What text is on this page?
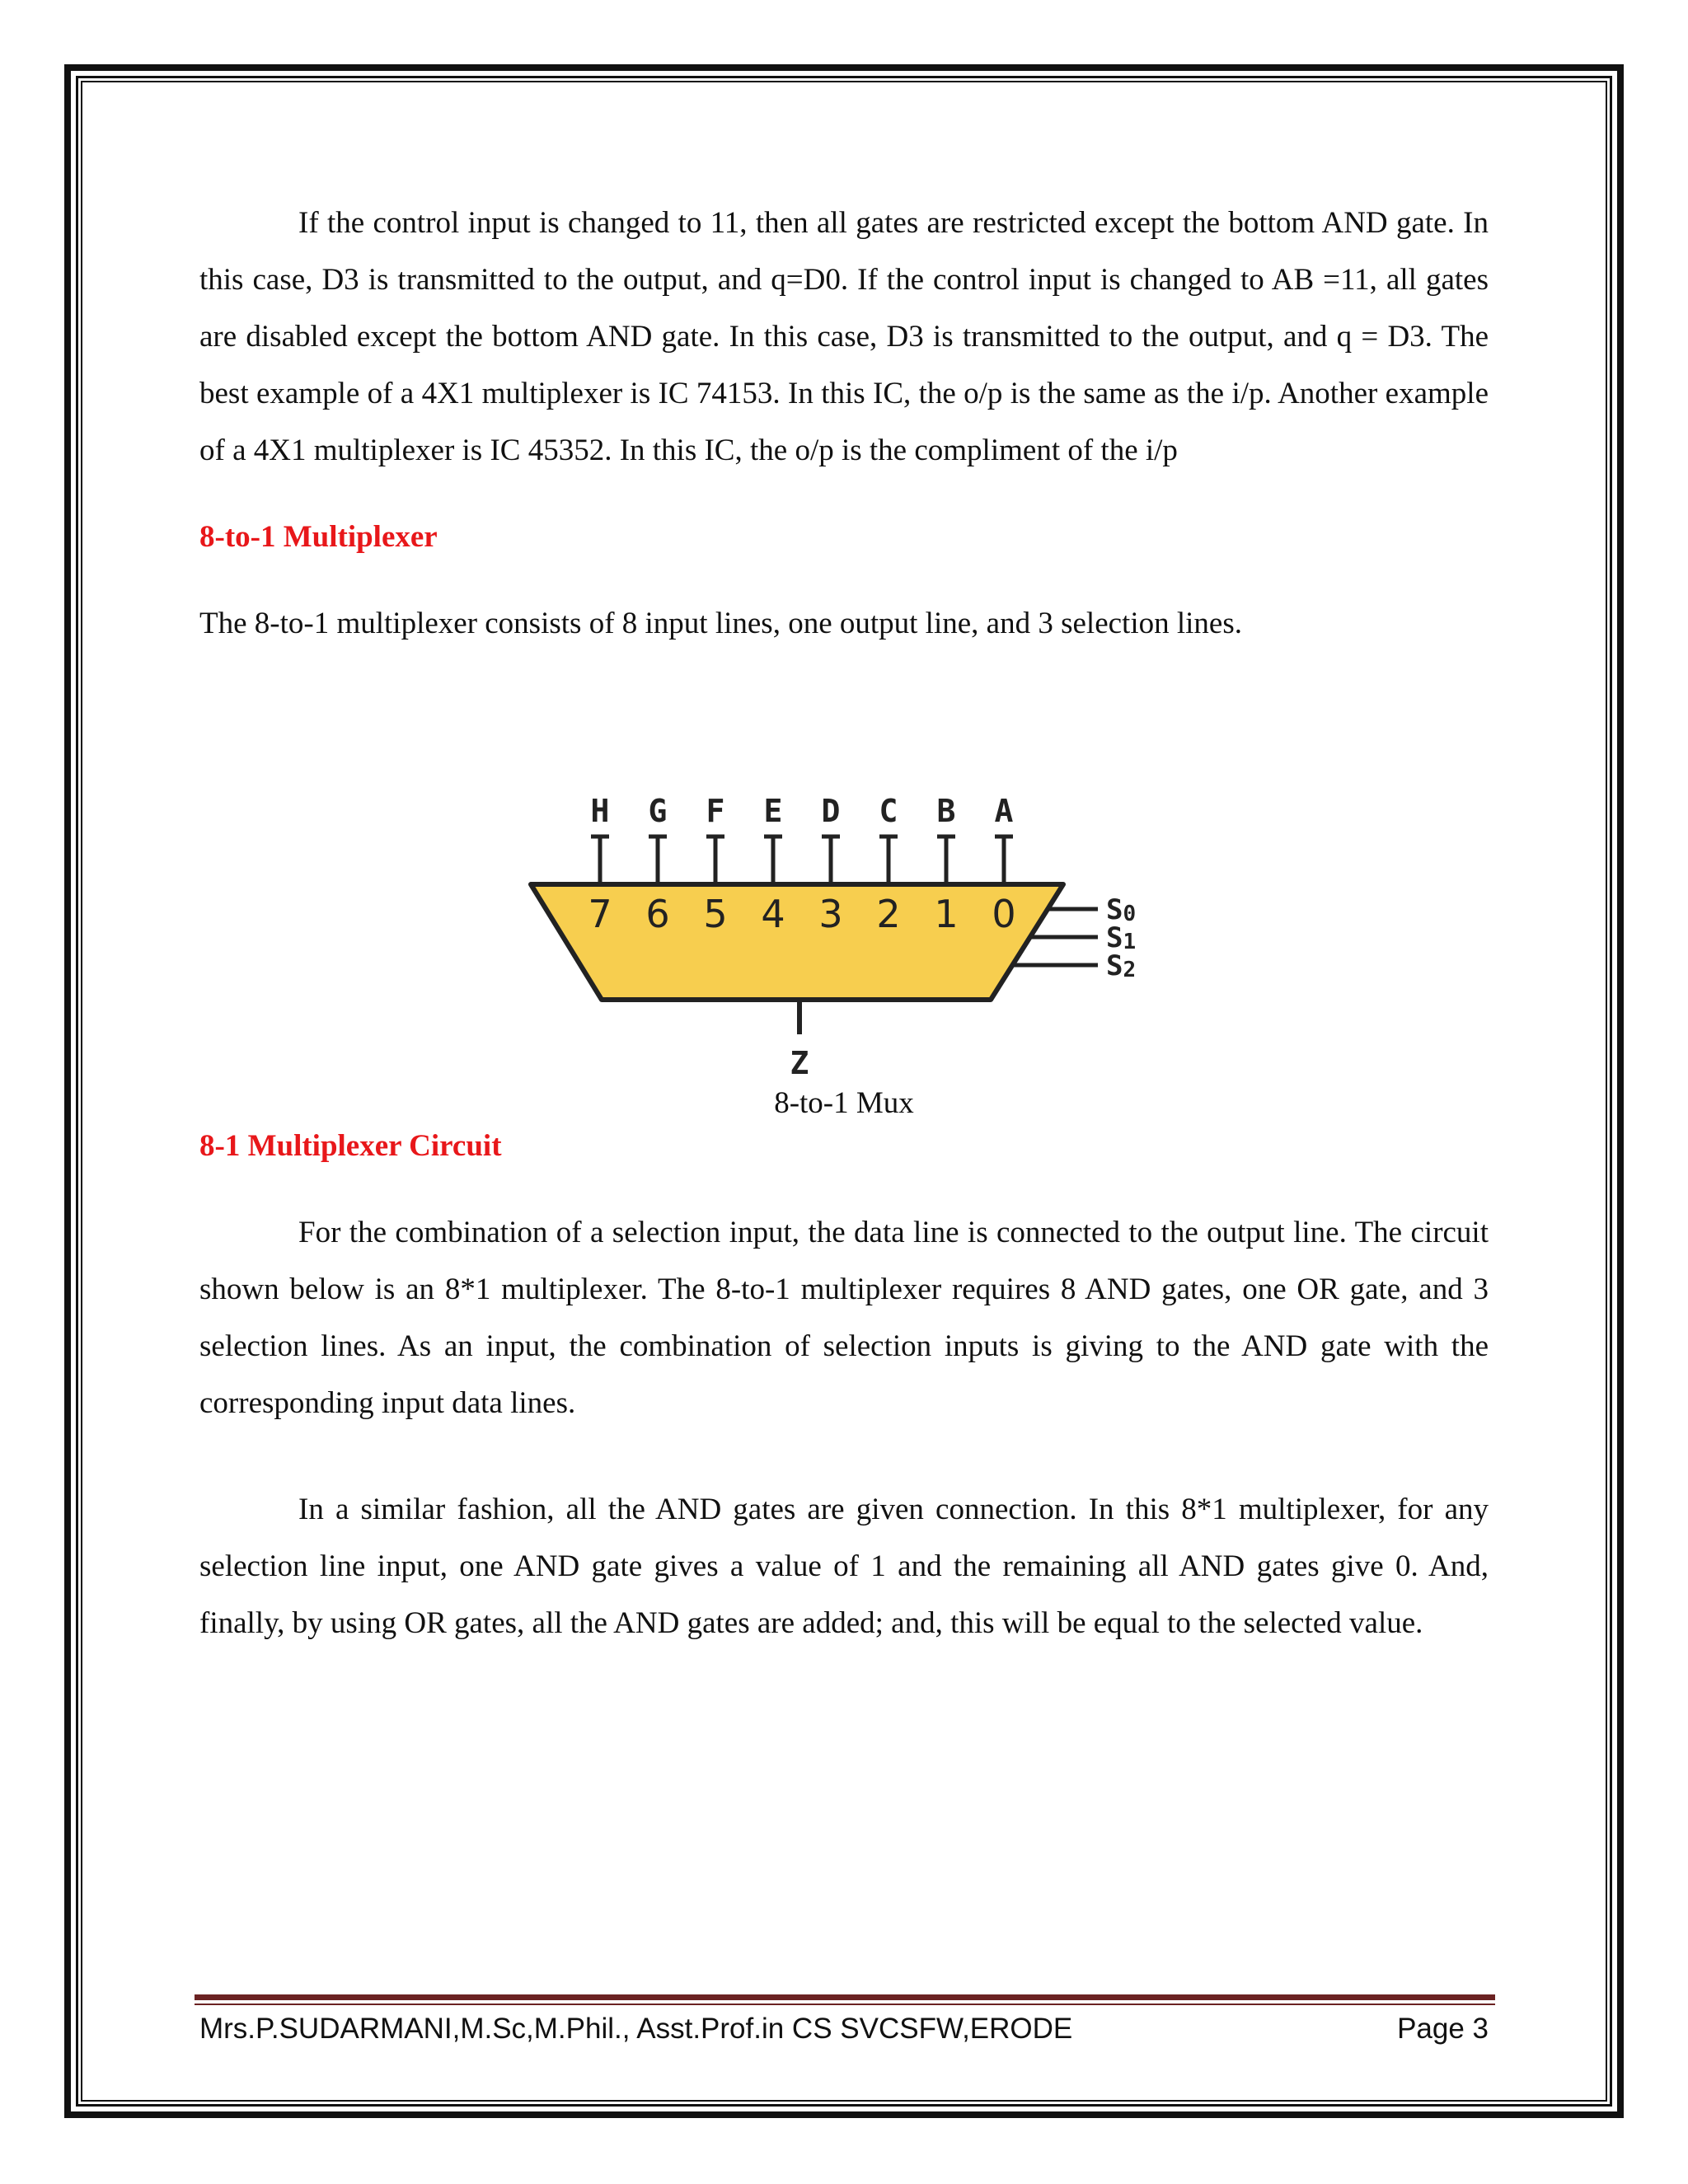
If the control input is changed to 11, then all gates are restricted except the bottom AND gate. In this case, D3 is transmitted to the output, and q=D0. If the control input is changed to AB =11, all gates are disabled except the bottom AND gate. In this case, D3 is transmitted to the output, and q = D3. The best example of a 4X1 multiplexer is IC 74153. In this IC, the o/p is the same as the i/p. Another example of a 4X1 multiplexer is IC 45352. In this IC, the o/p is the compliment of the i/p

8-to-1 Multiplexer

The 8-to-1 multiplexer consists of 8 input lines, one output line, and 3 selection lines.

H G F E D C B A
7 6 5 4 3 2 1 0	S0
S1
S2
Z
8-to-1 Mux

8-1 Multiplexer Circuit

For the combination of a selection input, the data line is connected to the output line. The circuit shown below is an 8*1 multiplexer. The 8-to-1 multiplexer requires 8 AND gates, one OR gate, and 3 selection lines. As an input, the combination of selection inputs is giving to the AND gate with the corresponding input data lines.

In a similar fashion, all the AND gates are given connection. In this 8*1 multiplexer, for any selection line input, one AND gate gives a value of 1 and the remaining all AND gates give 0. And, finally, by using OR gates, all the AND gates are added; and, this will be equal to the selected value.

Mrs.P.SUDARMANI,M.Sc,M.Phil., Asst.Prof.in CS SVCSFW,ERODE	Page 3
